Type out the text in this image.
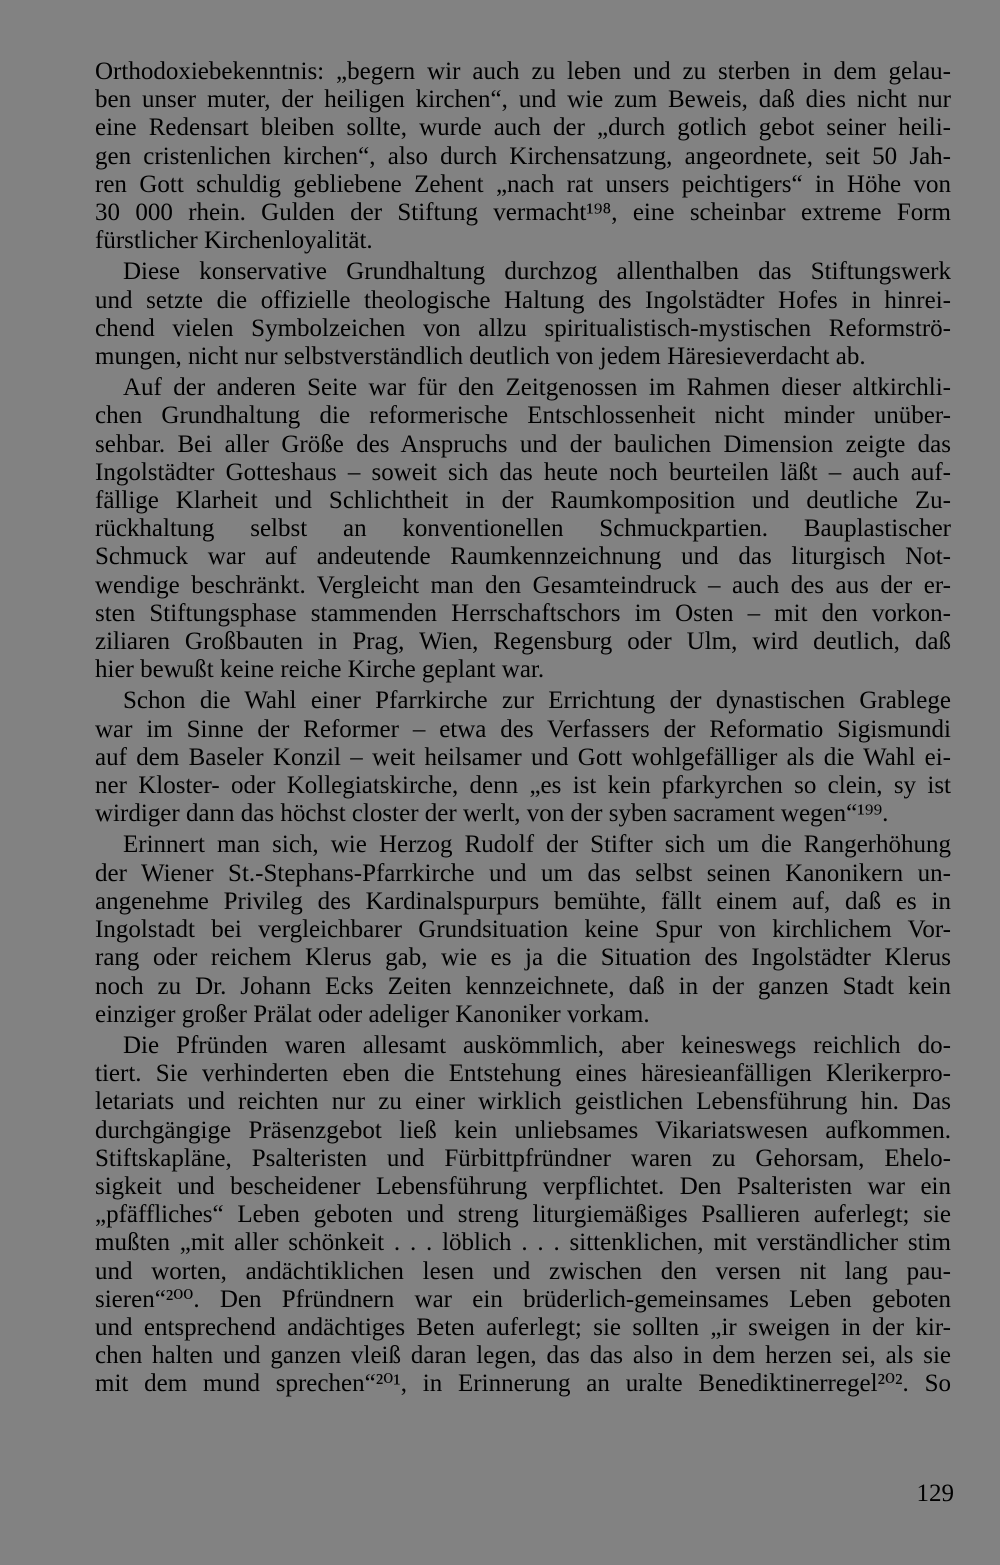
Orthodoxiebekenntnis: „begern wir auch zu leben und zu sterben in dem gelau-
ben unser muter, der heiligen kirchen“, und wie zum Beweis, daß dies nicht nur
eine Redensart bleiben sollte, wurde auch der „durch gotlich gebot seiner heili-
gen cristenlichen kirchen“, also durch Kirchensatzung, angeordnete, seit 50 Jah-
ren Gott schuldig gebliebene Zehent „nach rat unsers peichtigers“ in Höhe von
30 000 rhein. Gulden der Stiftung vermacht¹⁹⁸, eine scheinbar extreme Form
fürstlicher Kirchenloyalität.

Diese konservative Grundhaltung durchzog allenthalben das Stiftungswerk
und setzte die offizielle theologische Haltung des Ingolstädter Hofes in hinrei-
chend vielen Symbolzeichen von allzu spiritualistisch-mystischen Reformströ-
mungen, nicht nur selbstverständlich deutlich von jedem Häresieverdacht ab.

Auf der anderen Seite war für den Zeitgenossen im Rahmen dieser altkirchli-
chen Grundhaltung die reformerische Entschlossenheit nicht minder unüber-
sehbar. Bei aller Größe des Anspruchs und der baulichen Dimension zeigte das
Ingolstädter Gotteshaus – soweit sich das heute noch beurteilen läßt – auch auf-
fällige Klarheit und Schlichtheit in der Raumkomposition und deutliche Zu-
rückhaltung selbst an konventionellen Schmuckpartien. Bauplastischer
Schmuck war auf andeutende Raumkennzeichnung und das liturgisch Not-
wendige beschränkt. Vergleicht man den Gesamteindruck – auch des aus der er-
sten Stiftungsphase stammenden Herrschaftschors im Osten – mit den vorkon-
ziliaren Großbauten in Prag, Wien, Regensburg oder Ulm, wird deutlich, daß
hier bewußt keine reiche Kirche geplant war.

Schon die Wahl einer Pfarrkirche zur Errichtung der dynastischen Grablege
war im Sinne der Reformer – etwa des Verfassers der Reformatio Sigismundi
auf dem Baseler Konzil – weit heilsamer und Gott wohlgefälliger als die Wahl ei-
ner Kloster- oder Kollegiatskirche, denn „es ist kein pfarkyrchen so clein, sy ist
wirdiger dann das höchst closter der werlt, von der syben sacrament wegen“¹⁹⁹.

Erinnert man sich, wie Herzog Rudolf der Stifter sich um die Rangerhöhung
der Wiener St.-Stephans-Pfarrkirche und um das selbst seinen Kanonikern un-
angenehme Privileg des Kardinalspurpurs bemühte, fällt einem auf, daß es in
Ingolstadt bei vergleichbarer Grundsituation keine Spur von kirchlichem Vor-
rang oder reichem Klerus gab, wie es ja die Situation des Ingolstädter Klerus
noch zu Dr. Johann Ecks Zeiten kennzeichnete, daß in der ganzen Stadt kein
einziger großer Prälat oder adeliger Kanoniker vorkam.

Die Pfründen waren allesamt auskömmlich, aber keineswegs reichlich do-
tiert. Sie verhinderten eben die Entstehung eines häresieanfälligen Klerikerpro-
letariats und reichten nur zu einer wirklich geistlichen Lebensführung hin. Das
durchgängige Präsenzgebot ließ kein unliebsames Vikariatswesen aufkommen.
Stiftskapläne, Psalteristen und Fürbittpfründner waren zu Gehorsam, Ehelo-
sigkeit und bescheidener Lebensführung verpflichtet. Den Psalteristen war ein
„pfäffliches“ Leben geboten und streng liturgiemäßiges Psallieren auferlegt; sie
mußten „mit aller schönkeit . . . löblich . . . sittenklichen, mit verständlicher stim
und worten, andächtiklichen lesen und zwischen den versen nit lang pau-
sieren“²⁰⁰. Den Pfründnern war ein brüderlich-gemeinsames Leben geboten
und entsprechend andächtiges Beten auferlegt; sie sollten „ir sweigen in der kir-
chen halten und ganzen vleiß daran legen, das das also in dem herzen sei, als sie
mit dem mund sprechen“²⁰¹, in Erinnerung an uralte Benediktinerregel²⁰². So

129
